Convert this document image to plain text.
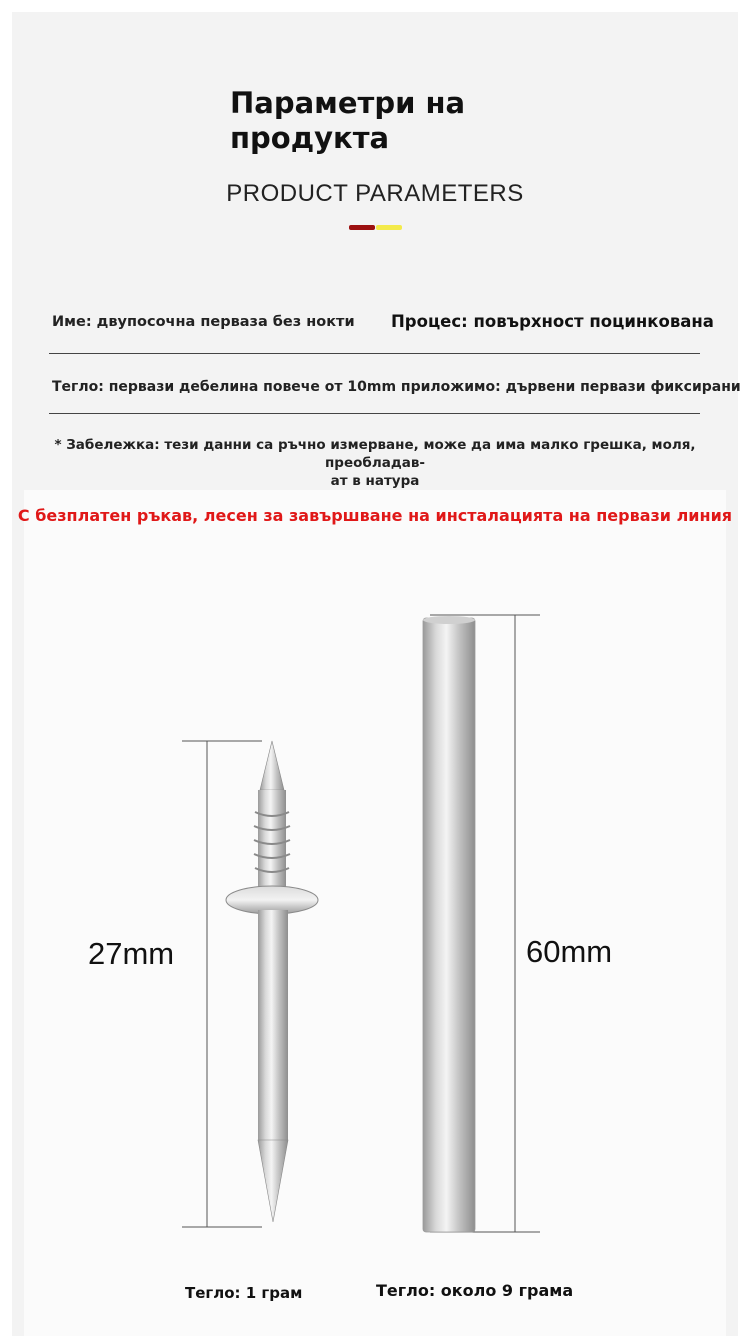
Параметри на
продукта
PRODUCT PARAMETERS
Име: двупосочна перваза без нокти Процес: повърхност поцинкована
Тегло: первази дебелина повече от 10mm приложимо: дървени первази фиксирани
* Забележка: тези данни са ръчно измерване, може да има малко грешка, моля, преобладав-
ат в натура
С безплатен ръкав, лесен за завършване на инсталацията на первази линия
27mm	60mm
Тегло: 1 грам	Тегло: около 9 грама
